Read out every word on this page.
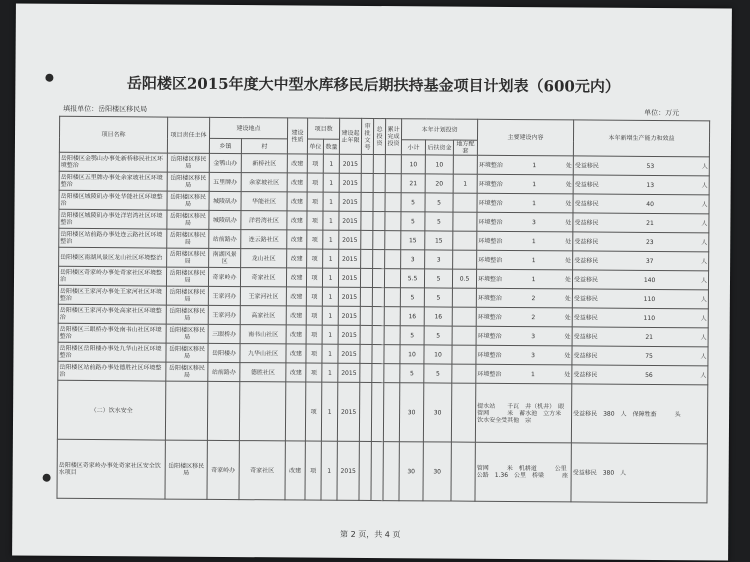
岳阳楼区2015年度大中型水库移民后期扶持基金项目计划表（600元内）
填报单位：岳阳楼区移民局	单位：万元
项目名称	项目责任主体	建设地点		建设性质	项目数		建设起止年限	审批文号	总投资	累计完成投资	本年计划投资			主要建设内容	本年新增生产能力和效益
		乡镇	村		单位	数量					小计	后扶资金	地方配套		
岳阳楼区金鹗山办事处新桥移民社区环境整治	岳阳楼区移民局	金鹗山办	新桥社区	改建	项	1	2015				10	10		环境整治 1 处	受益移民 53 人

岳阳楼区五里牌办事处余家坡社区环境整治	岳阳楼区移民局	五里牌办	余家坡社区	改建	项	1	2015				21	20	1	环境整治 1 处	受益移民 13 人

岳阳楼区城陵矶办事处华能社区环境整治	岳阳楼区移民局	城陵矶办	华能社区	改建	项	1	2015				5	5		环境整治 1 处	受益移民 40 人

岳阳楼区城陵矶办事处洋岩湾社区环境整治	岳阳楼区移民局	城陵矶办	洋岩湾社区	改建	项	1	2015				5	5		环境整治 3 处	受益移民 21 人

岳阳楼区站前路办事处连云路社区环境整治	岳阳楼区移民局	站前路办	连云路社区	改建	项	1	2015				15	15		环境整治 1 处	受益移民 23 人

岳阳楼区南湖风景区龙山社区环境整治	岳阳楼区移民局	南湖风景区	龙山社区	改建	项	1	2015				3	3		环境整治 1 处	受益移民 37 人

岳阳楼区奇家岭办事处奇家社区环境整治	岳阳楼区移民局	奇家岭办	奇家社区	改建	项	1	2015				5.5	5	0.5	环境整治 1 处	受益移民 140 人

岳阳楼区王家河办事处王家河社区环境整治	岳阳楼区移民局	王家河办	王家河社区	改建	项	1	2015				5	5		环境整治 2 处	受益移民 110 人

岳阳楼区王家河办事处高家社区环境整治	岳阳楼区移民局	王家河办	高家社区	改建	项	1	2015				16	16		环境整治 2 处	受益移民 110 人

岳阳楼区三眼桥办事处南书山社区环境整治	岳阳楼区移民局	三眼桥办	南书山社区	改建	项	1	2015				5	5		环境整治 3 处	受益移民 21 人

岳阳楼区岳阳楼办事处九华山社区环境整治	岳阳楼区移民局	岳阳楼办	九华山社区	改建	项	1	2015				10	10		环境整治 3 处	受益移民 75 人

岳阳楼区站前路办事处德胜社区环境整治	岳阳楼区移民局	站前路办	德胜社区	改建	项	1	2015				5	5		环境整治 1 处	受益移民 56 人

（二）饮水安全					项	1	2015				30	30		提水站　　千瓦　井（机井）　眼　管网　　　米　蓄水池　立方米　饮水安全受其他　宗	受益移民　380　人　保障牲畜　　　头
岳阳楼区奇家岭办事处奇家社区安全饮水项目	岳阳楼区移民局	奇家岭办	奇家社区	改建	项	1	2015				30	30		管网　　　米　机耕道　　　公里　公路　1.36　公里　桥梁　　　座	受益移民　380　人
第 2 页，共 4 页
